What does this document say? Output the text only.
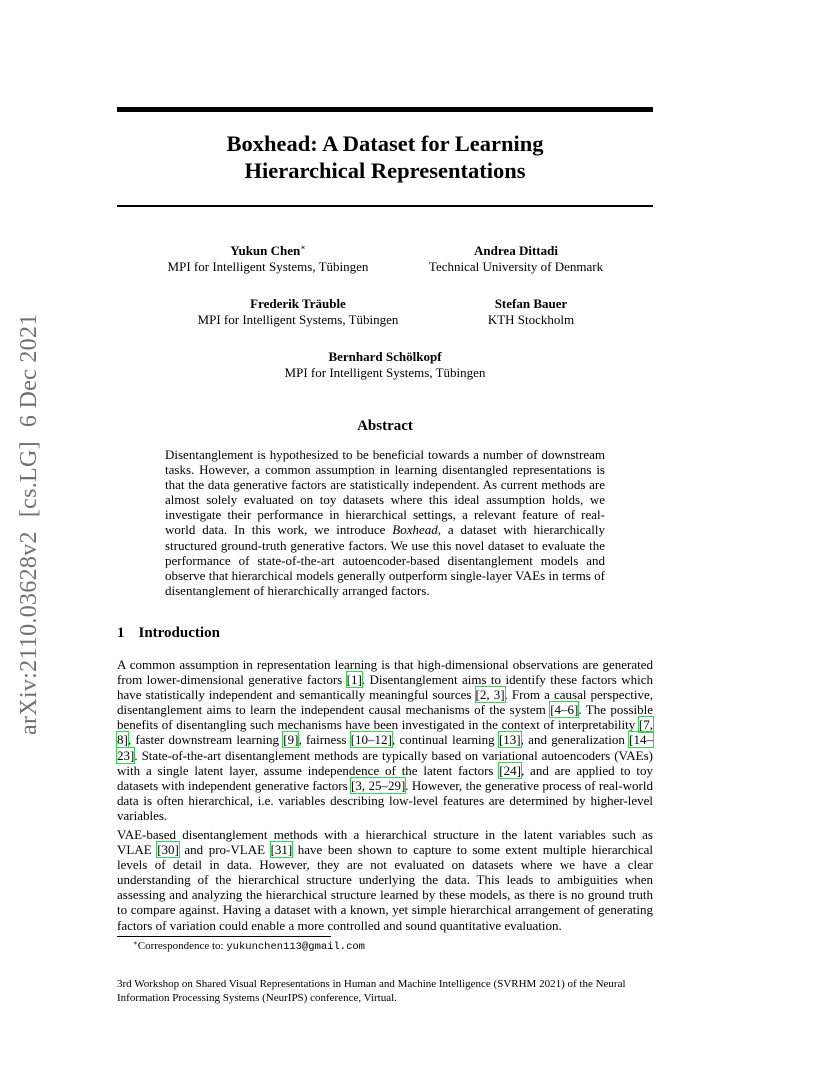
arXiv:2110.03628v2[cs.LG]6 Dec 2021
Boxhead: A Dataset for Learning
Hierarchical Representations
Yukun Chen∗
MPI for Intelligent Systems, Tübingen
Andrea Dittadi
Technical University of Denmark
Frederik Träuble
MPI for Intelligent Systems, Tübingen
Stefan Bauer
KTH Stockholm
Bernhard Schölkopf
MPI for Intelligent Systems, Tübingen
Abstract
Disentanglement is hypothesized to be beneficial towards a number of downstream tasks. However, a common assumption in learning disentangled representations is that the data generative factors are statistically independent. As current methods are almost solely evaluated on toy datasets where this ideal assumption holds, we investigate their performance in hierarchical settings, a relevant feature of real-world data. In this work, we introduce Boxhead, a dataset with hierarchically structured ground-truth generative factors. We use this novel dataset to evaluate the performance of state-of-the-art autoencoder-based disentanglement models and observe that hierarchical models generally outperform single-layer VAEs in terms of disentanglement of hierarchically arranged factors.
1 Introduction
A common assumption in representation learning is that high-dimensional observations are generated from lower-dimensional generative factors [1]. Disentanglement aims to identify these factors which have statistically independent and semantically meaningful sources [2, 3]. From a causal perspective, disentanglement aims to learn the independent causal mechanisms of the system [4–6]. The possible benefits of disentangling such mechanisms have been investigated in the context of interpretability [7, 8], faster downstream learning [9], fairness [10–12], continual learning [13], and generalization [14–23]. State-of-the-art disentanglement methods are typically based on variational autoencoders (VAEs) with a single latent layer, assume independence of the latent factors [24], and are applied to toy datasets with independent generative factors [3, 25–29]. However, the generative process of real-world data is often hierarchical, i.e. variables describing low-level features are determined by higher-level variables.
VAE-based disentanglement methods with a hierarchical structure in the latent variables such as VLAE [30] and pro-VLAE [31] have been shown to capture to some extent multiple hierarchical levels of detail in data. However, they are not evaluated on datasets where we have a clear understanding of the hierarchical structure underlying the data. This leads to ambiguities when assessing and analyzing the hierarchical structure learned by these models, as there is no ground truth to compare against. Having a dataset with a known, yet simple hierarchical arrangement of generating factors of variation could enable a more controlled and sound quantitative evaluation.
∗Correspondence to: yukunchen113@gmail.com
3rd Workshop on Shared Visual Representations in Human and Machine Intelligence (SVRHM 2021) of the Neural Information Processing Systems (NeurIPS) conference, Virtual.
